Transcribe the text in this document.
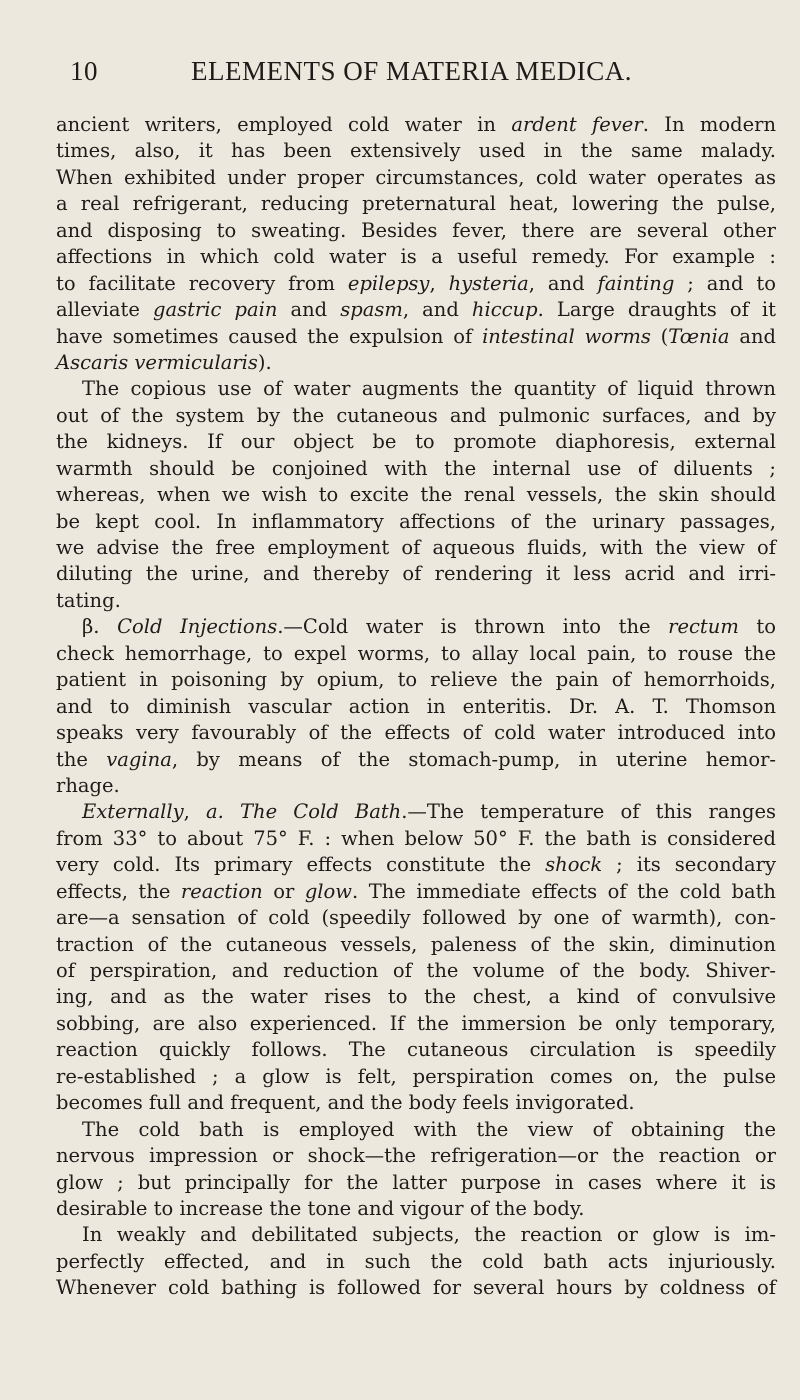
10	ELEMENTS OF MATERIA MEDICA.
ancient writers, employed cold water in ardent fever. In modern
times, also, it has been extensively used in the same malady.
When exhibited under proper circumstances, cold water operates as
a real refrigerant, reducing preternatural heat, lowering the pulse,
and disposing to sweating. Besides fever, there are several other
affections in which cold water is a useful remedy. For example :
to facilitate recovery from epilepsy, hysteria, and fainting ; and to
alleviate gastric pain and spasm, and hiccup. Large draughts of it
have sometimes caused the expulsion of intestinal worms (Tœnia and
Ascaris vermicularis).
The copious use of water augments the quantity of liquid thrown
out of the system by the cutaneous and pulmonic surfaces, and by
the kidneys. If our object be to promote diaphoresis, external
warmth should be conjoined with the internal use of diluents ;
whereas, when we wish to excite the renal vessels, the skin should
be kept cool. In inflammatory affections of the urinary passages,
we advise the free employment of aqueous fluids, with the view of
diluting the urine, and thereby of rendering it less acrid and irri-
tating.
β. Cold Injections.—Cold water is thrown into the rectum to
check hemorrhage, to expel worms, to allay local pain, to rouse the
patient in poisoning by opium, to relieve the pain of hemorrhoids,
and to diminish vascular action in enteritis. Dr. A. T. Thomson
speaks very favourably of the effects of cold water introduced into
the vagina, by means of the stomach-pump, in uterine hemor-
rhage.
Externally, a. The Cold Bath.—The temperature of this ranges
from 33° to about 75° F. : when below 50° F. the bath is considered
very cold. Its primary effects constitute the shock ; its secondary
effects, the reaction or glow. The immediate effects of the cold bath
are—a sensation of cold (speedily followed by one of warmth), con-
traction of the cutaneous vessels, paleness of the skin, diminution
of perspiration, and reduction of the volume of the body. Shiver-
ing, and as the water rises to the chest, a kind of convulsive
sobbing, are also experienced. If the immersion be only temporary,
reaction quickly follows. The cutaneous circulation is speedily
re-established ; a glow is felt, perspiration comes on, the pulse
becomes full and frequent, and the body feels invigorated.
The cold bath is employed with the view of obtaining the
nervous impression or shock—the refrigeration—or the reaction or
glow ; but principally for the latter purpose in cases where it is
desirable to increase the tone and vigour of the body.
In weakly and debilitated subjects, the reaction or glow is im-
perfectly effected, and in such the cold bath acts injuriously.
Whenever cold bathing is followed for several hours by coldness of
